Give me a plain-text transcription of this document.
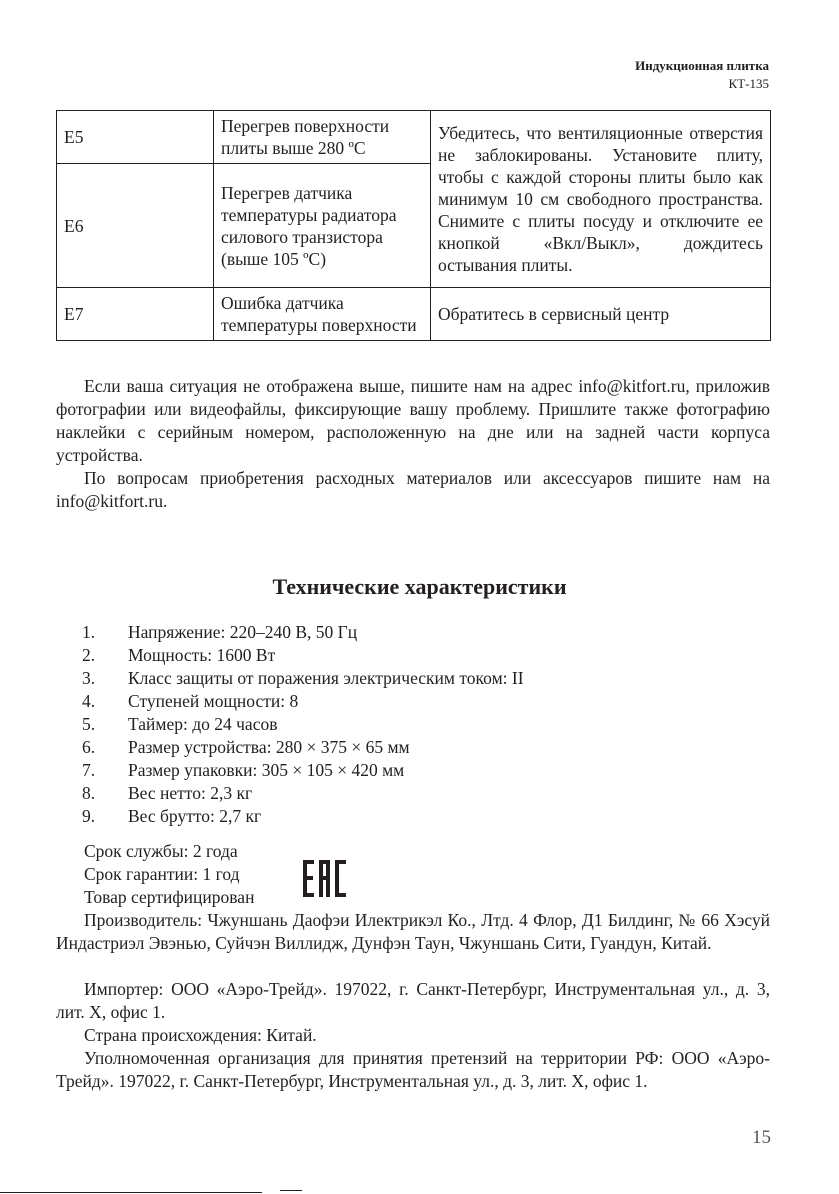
Индукционная плитка
КТ-135
E5	Перегрев поверхности плиты выше 280 ºС	Убедитесь, что вентиляционные отверстия не заблокированы. Установите плиту, чтобы с каждой стороны плиты было как минимум 10 см свободного пространства. Снимите с плиты посуду и отключите ее кнопкой «Вкл/Выкл», дождитесь остывания плиты.
E6	Перегрев датчика температуры радиатора силового транзистора (выше 105 ºС)	
E7	Ошибка датчика температуры поверхности	Обратитесь в сервисный центр

Если ваша ситуация не отображена выше, пишите нам на адрес info@kitfort.ru, приложив фотографии или видеофайлы, фиксирующие вашу проблему. Пришлите также фотографию наклейки с серийным номером, расположенную на дне или на задней части корпуса устройства.

По вопросам приобретения расходных материалов или аксессуаров пишите нам на info@kitfort.ru.

Технические характеристики
1.	Напряжение: 220–240 В, 50 Гц
2.	Мощность: 1600 Вт
3.	Класс защиты от поражения электрическим током: II
4.	Ступеней мощности: 8
5.	Таймер: до 24 часов
6.	Размер устройства: 280 × 375 × 65 мм
7.	Размер упаковки: 305 × 105 × 420 мм
8.	Вес нетто: 2,3 кг
9.	Вес брутто: 2,7 кг

Срок службы: 2 года

Срок гарантии: 1 год

Товар сертифицирован

Производитель: Чжуншань Даофэи Илектрикэл Ко., Лтд. 4 Флор, Д1 Билдинг, № 66 Хэсуй Индастриэл Эвэнью, Суйчэн Виллидж, Дунфэн Таун, Чжуншань Сити, Гуандун, Китай.

Импортер: ООО «Аэро-Трейд». 197022, г. Санкт-Петербург, Инструментальная ул., д. 3, лит. Х, офис 1.

Страна происхождения: Китай.

Уполномоченная организация для принятия претензий на территории РФ: ООО «Аэро-Трейд». 197022, г. Санкт-Петербург, Инструментальная ул., д. 3, лит. Х, офис 1.

15
